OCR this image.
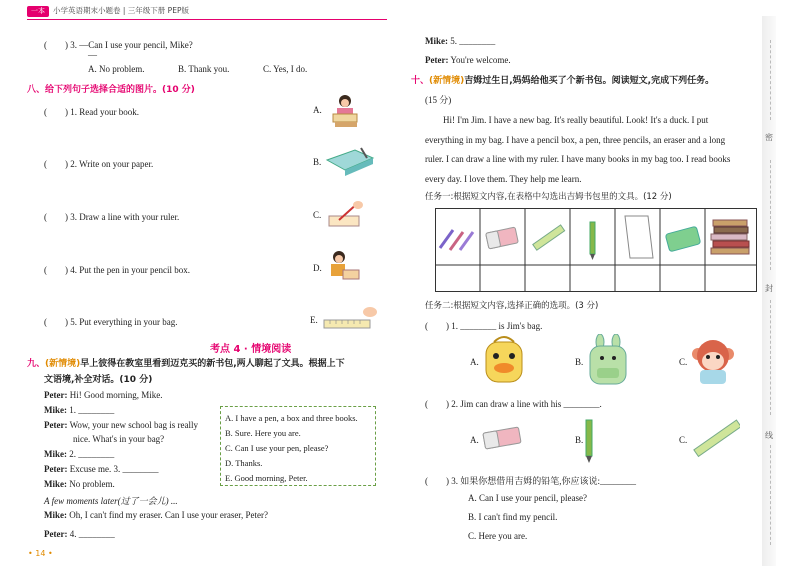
一本	小学英语期末小题卷 | 三年级下册 PEP版
(　　) 3. —Can I use your pencil, Mike?
—
A. No problem.	B. Thank you.	C. Yes, I do.
八、给下列句子选择合适的图片。(10 分)
(　　) 1. Read your book.	A.
(　　) 2. Write on your paper.	B.
(　　) 3. Draw a line with your ruler.	C.
(　　) 4. Put the pen in your pencil box.	D.
(　　) 5. Put everything in your bag.	E.
考点 4 · 情境阅读
九、(新情境)早上彼得在教室里看到迈克买的新书包,两人聊起了文具。根据上下
文语境,补全对话。(10 分)
Peter: Hi! Good morning, Mike.
Mike: 1. ________
Peter: Wow, your new school bag is really
nice. What's in your bag?
Mike: 2. ________
Peter: Excuse me. 3. ________
Mike: No problem.
A few moments later(过了一会儿) ...
Mike: Oh, I can't find my eraser. Can I use your eraser, Peter?
Peter: 4. ________
A. I have a pen, a box and three books.
B. Sure. Here you are.
C. Can I use your pen, please?
D. Thanks.
E. Good morning, Peter.
• 14 •
Mike: 5. ________
Peter: You're welcome.
十、(新情境)吉姆过生日,妈妈给他买了个新书包。阅读短文,完成下列任务。
(15 分)
Hi! I'm Jim. I have a new bag. It's really beautiful. Look! It's a duck. I put
everything in my bag. I have a pencil box, a pen, three pencils, an eraser and a long
ruler. I can draw a line with my ruler. I have many books in my bag too. I read books
every day. I love them. They help me learn.
任务一:根据短文内容,在表格中勾选出吉姆书包里的文具。(12 分)
任务二:根据短文内容,选择正确的选项。(3 分)
(　　) 1. ________ is Jim's bag.
A.	B.	C.
(　　) 2. Jim can draw a line with his ________.
A.	B.	C.
(　　) 3. 如果你想借用吉姆的铅笔,你应该说:________
A. Can I use your pencil, please?
B. I can't find my pencil.
C. Here you are.
密
封
线
